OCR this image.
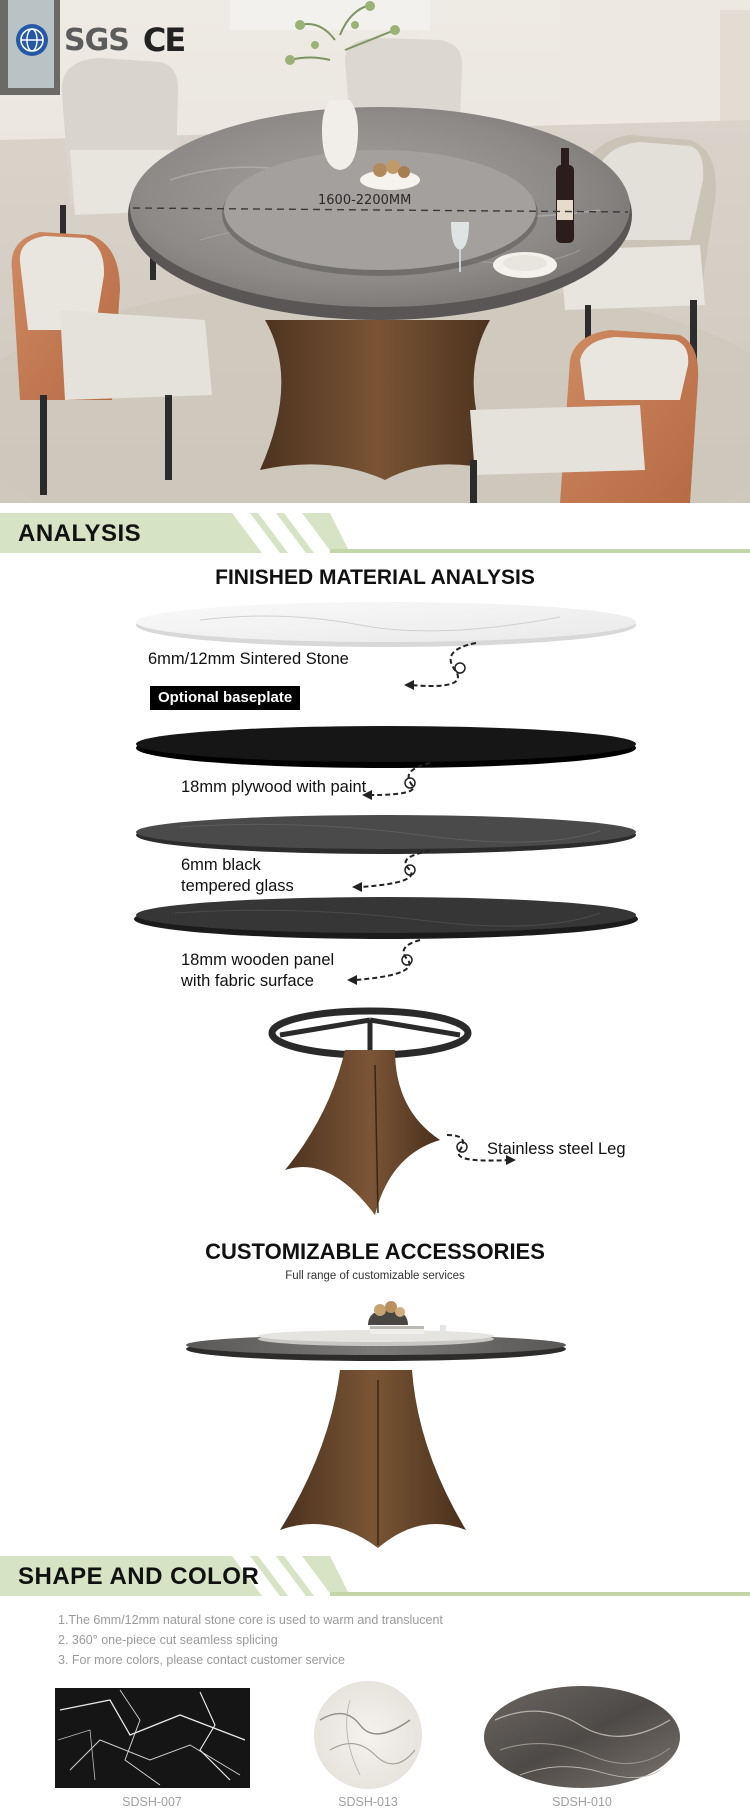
SGS CE
1600-2200MM
ANALYSIS
FINISHED MATERIAL ANALYSIS
6mm/12mm Sintered Stone
Optional baseplate
18mm plywood with paint
6mm black
tempered glass
18mm wooden panel
with fabric surface
Stainless steel Leg
CUSTOMIZABLE ACCESSORIES
Full range of customizable services
SHAPE AND COLOR
1.The 6mm/12mm natural stone core is used to warm and translucent
2. 360° one-piece cut seamless splicing
3. For more colors, please contact customer service
SDSH-007	SDSH-013	SDSH-010
